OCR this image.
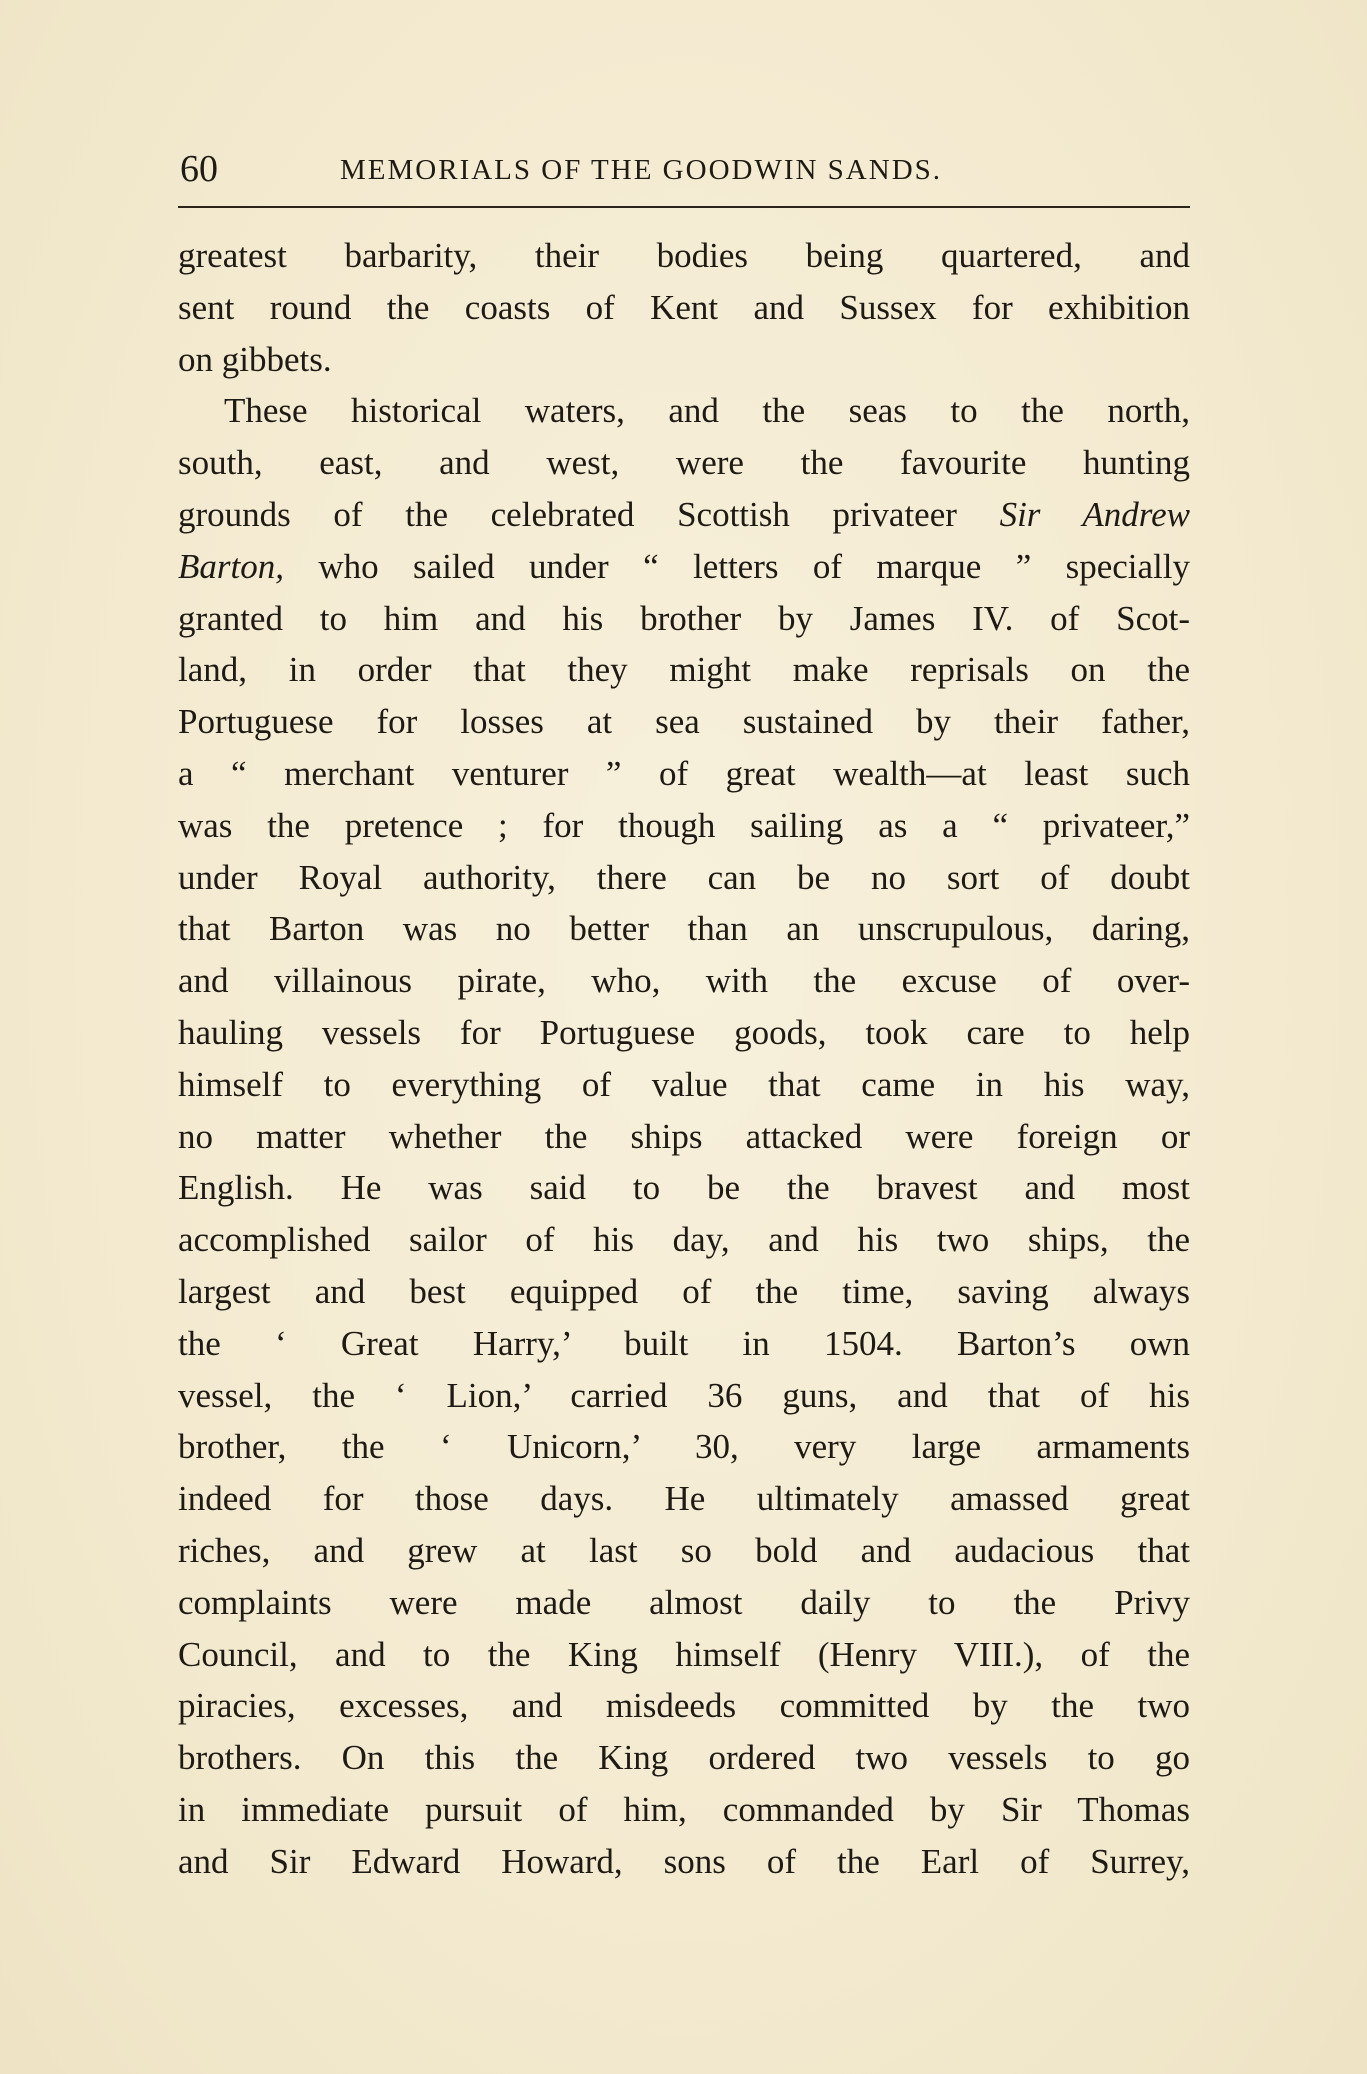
60	MEMORIALS OF THE GOODWIN SANDS.
greatest barbarity, their bodies being quartered, and
sent round the coasts of Kent and Sussex for exhibition
on gibbets.
These historical waters, and the seas to the north,
south, east, and west, were the favourite hunting
grounds of the celebrated Scottish privateer Sir Andrew
Barton, who sailed under “ letters of marque ” specially
granted to him and his brother by James IV. of Scot-
land, in order that they might make reprisals on the
Portuguese for losses at sea sustained by their father,
a “ merchant venturer ” of great wealth—at least such
was the pretence ; for though sailing as a “ privateer,”
under Royal authority, there can be no sort of doubt
that Barton was no better than an unscrupulous, daring,
and villainous pirate, who, with the excuse of over-
hauling vessels for Portuguese goods, took care to help
himself to everything of value that came in his way,
no matter whether the ships attacked were foreign or
English. He was said to be the bravest and most
accomplished sailor of his day, and his two ships, the
largest and best equipped of the time, saving always
the ‘ Great Harry,’ built in 1504. Barton’s own
vessel, the ‘ Lion,’ carried 36 guns, and that of his
brother, the ‘ Unicorn,’ 30, very large armaments
indeed for those days. He ultimately amassed great
riches, and grew at last so bold and audacious that
complaints were made almost daily to the Privy
Council, and to the King himself (Henry VIII.), of the
piracies, excesses, and misdeeds committed by the two
brothers. On this the King ordered two vessels to go
in immediate pursuit of him, commanded by Sir Thomas
and Sir Edward Howard, sons of the Earl of Surrey,
